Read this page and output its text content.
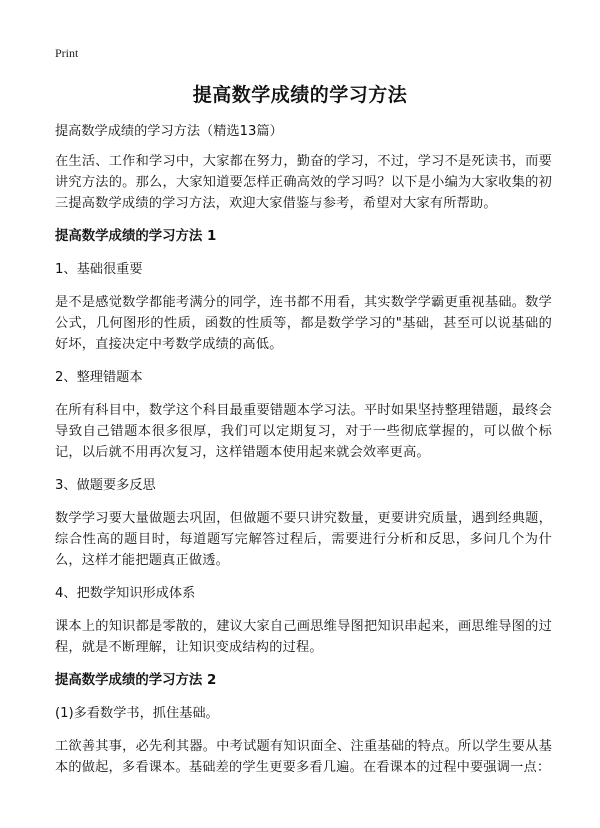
Print
提高数学成绩的学习方法

提高数学成绩的学习方法（精选13篇）

在生活、工作和学习中，大家都在努力，勤奋的学习，不过，学习不是死读书，而要讲究方法的。那么，大家知道要怎样正确高效的学习吗？以下是小编为大家收集的初三提高数学成绩的学习方法，欢迎大家借鉴与参考，希望对大家有所帮助。

提高数学成绩的学习方法 1

1、基础很重要

是不是感觉数学都能考满分的同学，连书都不用看，其实数学学霸更重视基础。数学公式，几何图形的性质，函数的性质等，都是数学学习的"基础，甚至可以说基础的好坏，直接决定中考数学成绩的高低。

2、整理错题本

在所有科目中，数学这个科目最重要错题本学习法。平时如果坚持整理错题，最终会导致自己错题本很多很厚，我们可以定期复习，对于一些彻底掌握的，可以做个标记，以后就不用再次复习，这样错题本使用起来就会效率更高。

3、做题要多反思

数学学习要大量做题去巩固，但做题不要只讲究数量，更要讲究质量，遇到经典题，综合性高的题目时，每道题写完解答过程后，需要进行分析和反思，多问几个为什么，这样才能把题真正做透。

4、把数学知识形成体系

课本上的知识都是零散的，建议大家自己画思维导图把知识串起来，画思维导图的过程，就是不断理解，让知识变成结构的过程。

提高数学成绩的学习方法 2

(1)多看数学书，抓住基础。

工欲善其事，必先利其器。中考试题有知识面全、注重基础的特点。所以学生要从基本的做起，多看课本。基础差的学生更要多看几遍。在看课本的过程中要强调一点：
